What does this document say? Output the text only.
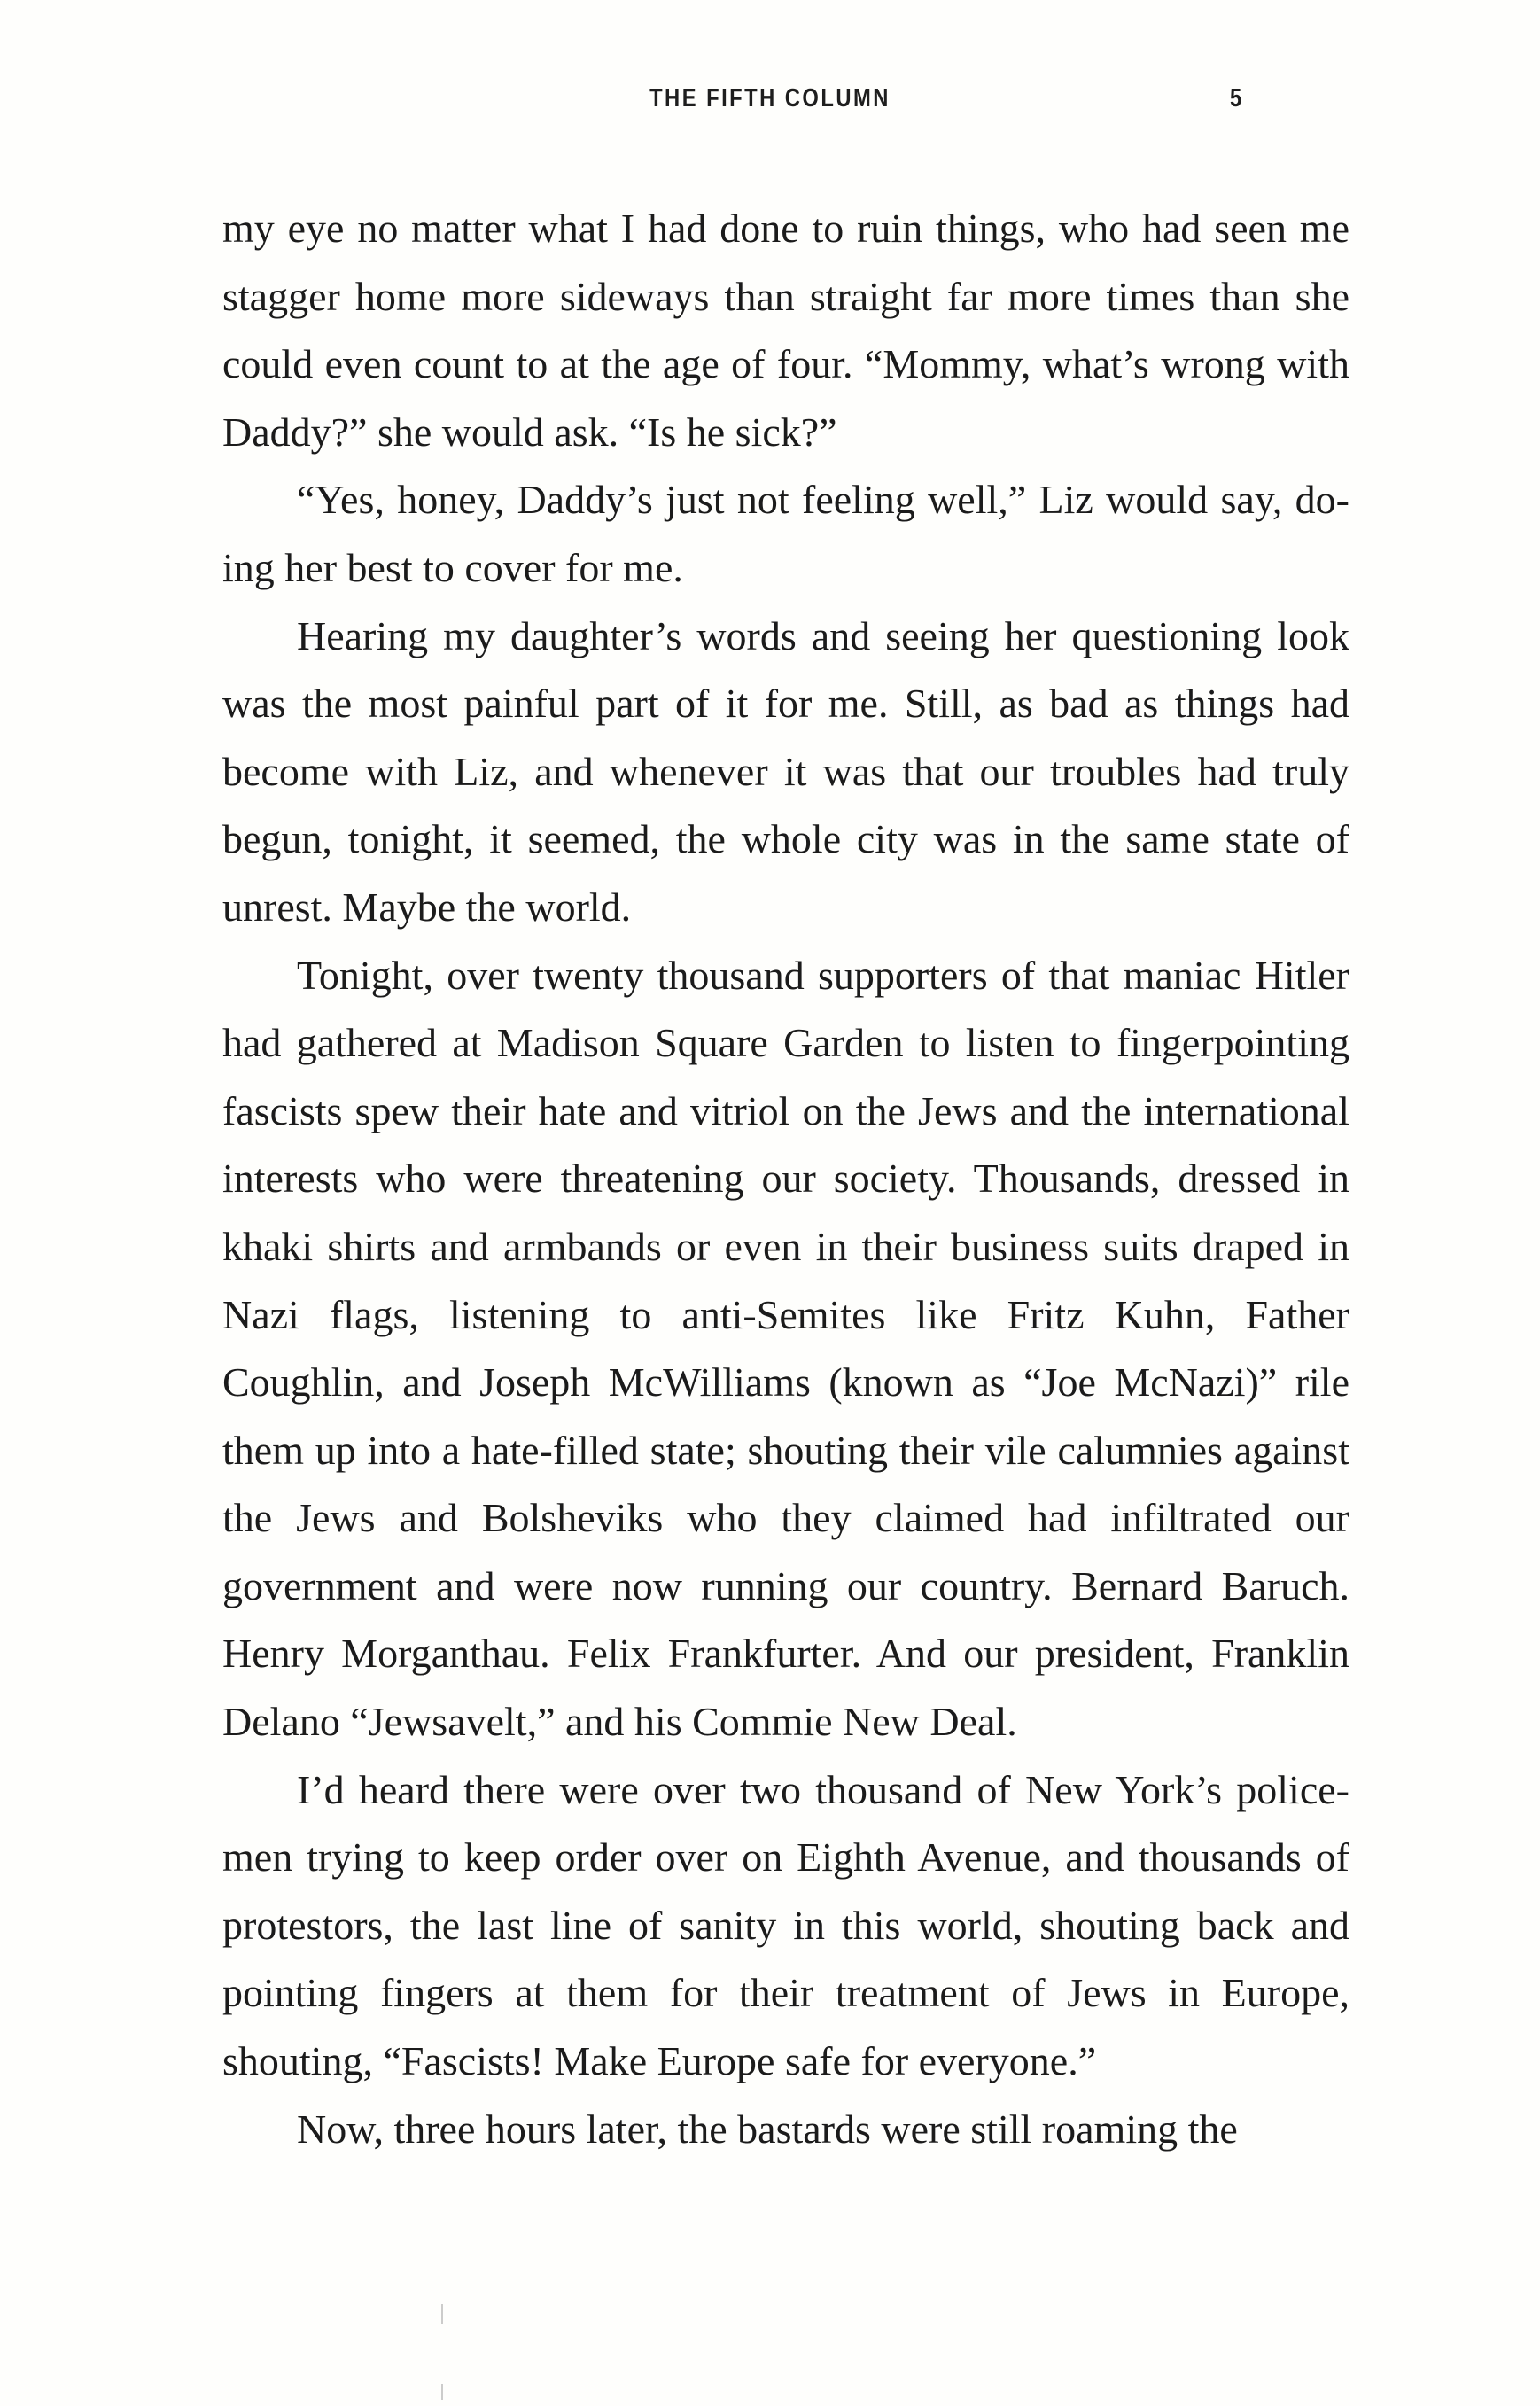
THE FIFTH COLUMN	5

my eye no matter what I had done to ruin things, who had seen me stagger home more sideways than straight far more times than she could even count to at the age of four. “Mommy, what’s wrong with Daddy?” she would ask. “Is he sick?”

“Yes, honey, Daddy’s just not feeling well,” Liz would say, doing her best to cover for me.

Hearing my daughter’s words and seeing her questioning look was the most painful part of it for me. Still, as bad as things had become with Liz, and whenever it was that our troubles had truly begun, tonight, it seemed, the whole city was in the same state of unrest. Maybe the world.

Tonight, over twenty thousand supporters of that maniac Hitler had gathered at Madison Square Garden to listen to fingerpointing fascists spew their hate and vitriol on the Jews and the international interests who were threatening our society. Thousands, dressed in khaki shirts and armbands or even in their business suits draped in Nazi flags, listening to anti-Semites like Fritz Kuhn, Father Coughlin, and Joseph McWilliams (known as “Joe McNazi)” rile them up into a hate-filled state; shouting their vile calumnies against the Jews and Bolsheviks who they claimed had infiltrated our government and were now running our country. Bernard Baruch. Henry Morganthau. Felix Frankfurter. And our president, Franklin Delano “Jewsavelt,” and his Commie New Deal.

I’d heard there were over two thousand of New York’s policemen trying to keep order over on Eighth Avenue, and thousands of protestors, the last line of sanity in this world, shouting back and pointing fingers at them for their treatment of Jews in Europe, shouting, “Fascists! Make Europe safe for everyone.”

Now, three hours later, the bastards were still roaming the
